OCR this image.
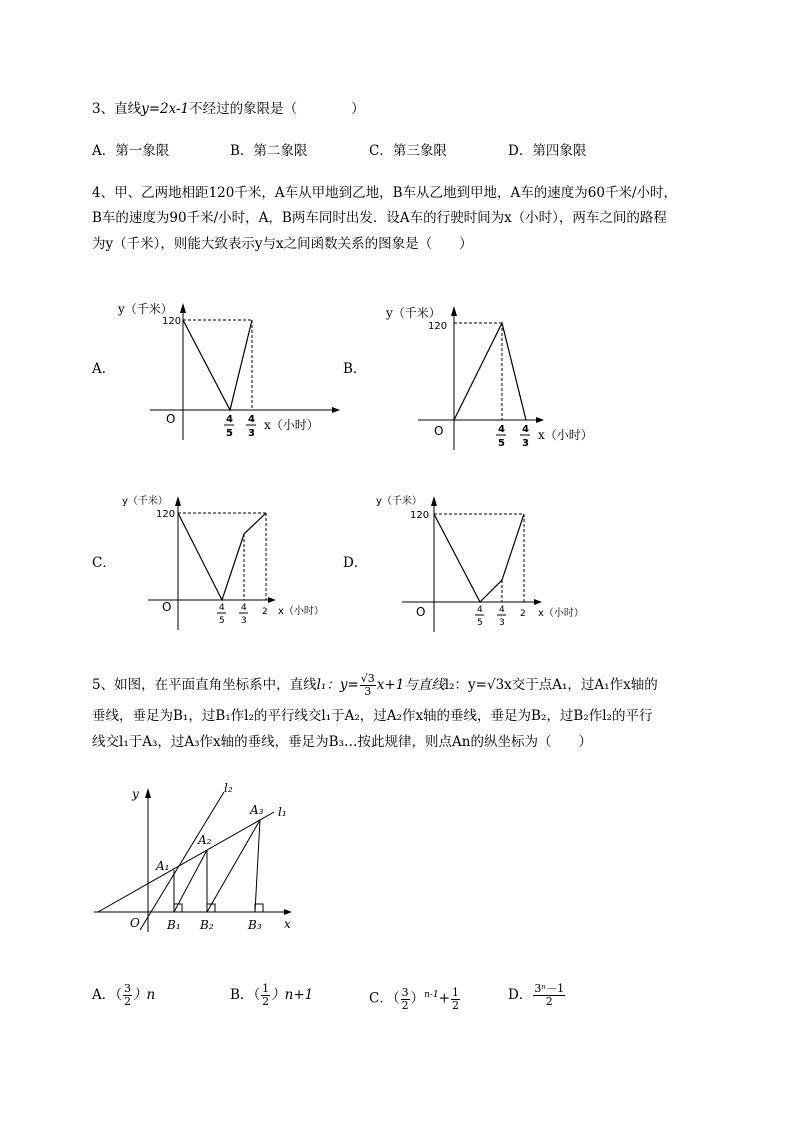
3、直线y=2x-1不经过的象限是（　　　　）
A．第一象限	B．第二象限	C．第三象限	D．第四象限
4、甲、乙两地相距120千米，A车从甲地到乙地，B车从乙地到甲地，A车的速度为60千米/小时，
B车的速度为90千米/小时，A，B两车同时出发．设A车的行驶时间为x（小时），两车之间的路程
为y（千米），则能大致表示y与x之间函数关系的图象是（　　）
A．	B．
C．	D．
y（千米）
120
O	4
5
4
3
x（小时）
y（千米）
120
O	4
5
4
3
x（小时）
y（千米）
120
O	4
5
4
3
2 x（小时）
y（千米）
120
O	4
5
4
3
2 x（小时）
5、如图，在平面直角坐标系中，直线l₁：$y= \frac{√3}{3} x+1$与直线l₂：y=√3x交于点A₁，过A₁作x轴的
垂线，垂足为B₁，过B₁作l₂的平行线交l₁于A₂，过A₂作x轴的垂线，垂足为B₂，过B₂作l₂的平行
线交l₁于A₃，过A₃作x轴的垂线，垂足为B₃…按此规律，则点An的纵坐标为（　　）
y
x
O
l₁
l₂
A₁
A₂
A₃
B₁ B₂	B₃
A．（ $\frac{3}{2} )n$	B．（ $\frac{1}{2} )n+1$	C．（ $\frac{3}{2} )^{n-1}+ \frac{1}{2}$	D． $\frac{\text{3ⁿ－1}}{2}$
